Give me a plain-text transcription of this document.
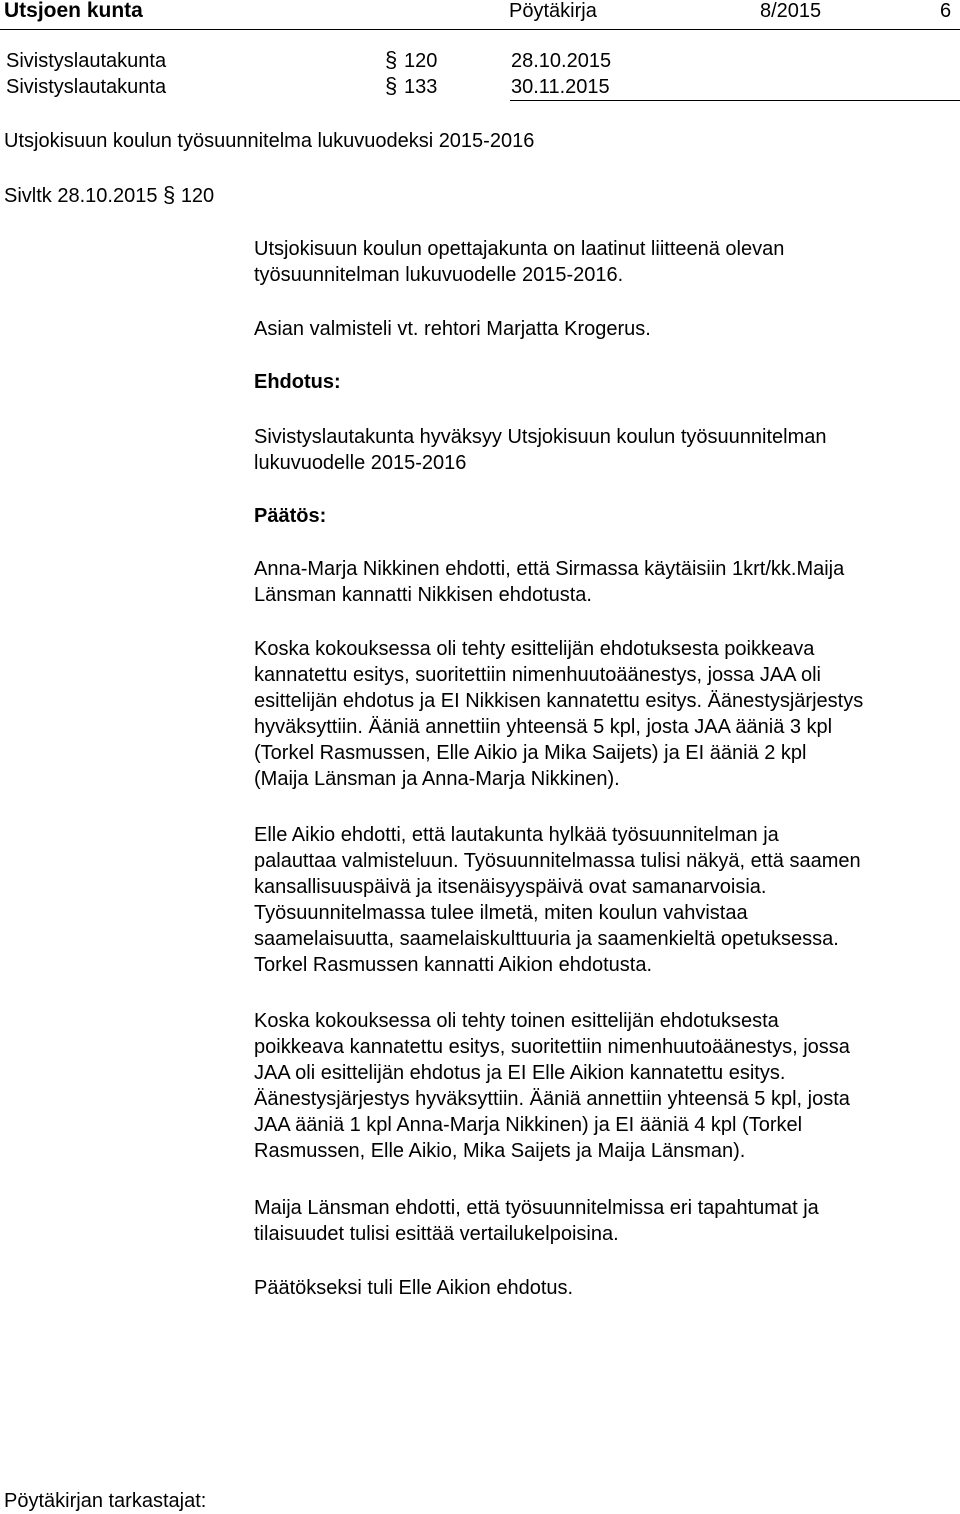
Utsjoen kunta	Pöytäkirja	8/2015	6
Sivistyslautakunta	§ 120	28.10.2015
Sivistyslautakunta	§ 133	30.11.2015
Utsjokisuun koulun työsuunnitelma lukuvuodeksi 2015-2016
Sivltk 28.10.2015 § 120
Utsjokisuun koulun opettajakunta on laatinut liitteenä olevan
työsuunnitelman lukuvuodelle 2015-2016.
Asian valmisteli vt. rehtori Marjatta Krogerus.
Ehdotus:
Sivistyslautakunta hyväksyy Utsjokisuun koulun työsuunnitelman
lukuvuodelle 2015-2016
Päätös:
Anna-Marja Nikkinen ehdotti, että Sirmassa käytäisiin 1krt/kk.Maija
Länsman kannatti Nikkisen ehdotusta.
Koska kokouksessa oli tehty esittelijän ehdotuksesta poikkeava
kannatettu esitys, suoritettiin nimenhuutoäänestys, jossa JAA oli
esittelijän ehdotus ja EI Nikkisen kannatettu esitys. Äänestysjärjestys
hyväksyttiin. Ääniä annettiin yhteensä 5 kpl, josta JAA ääniä 3 kpl
(Torkel Rasmussen, Elle Aikio ja Mika Saijets) ja EI ääniä 2 kpl
(Maija Länsman ja Anna-Marja Nikkinen).
Elle Aikio ehdotti, että lautakunta hylkää työsuunnitelman ja
palauttaa valmisteluun. Työsuunnitelmassa tulisi näkyä, että saamen
kansallisuuspäivä ja itsenäisyyspäivä ovat samanarvoisia.
Työsuunnitelmassa tulee ilmetä, miten koulun vahvistaa
saamelaisuutta, saamelaiskulttuuria ja saamenkieltä opetuksessa.
Torkel Rasmussen kannatti Aikion ehdotusta.
Koska kokouksessa oli tehty toinen esittelijän ehdotuksesta
poikkeava kannatettu esitys, suoritettiin nimenhuutoäänestys, jossa
JAA oli esittelijän ehdotus ja EI Elle Aikion kannatettu esitys.
Äänestysjärjestys hyväksyttiin. Ääniä annettiin yhteensä 5 kpl, josta
JAA ääniä 1 kpl Anna-Marja Nikkinen) ja EI ääniä 4 kpl (Torkel
Rasmussen, Elle Aikio, Mika Saijets ja Maija Länsman).
Maija Länsman ehdotti, että työsuunnitelmissa eri tapahtumat ja
tilaisuudet tulisi esittää vertailukelpoisina.
Päätökseksi tuli Elle Aikion ehdotus.
Pöytäkirjan tarkastajat:
